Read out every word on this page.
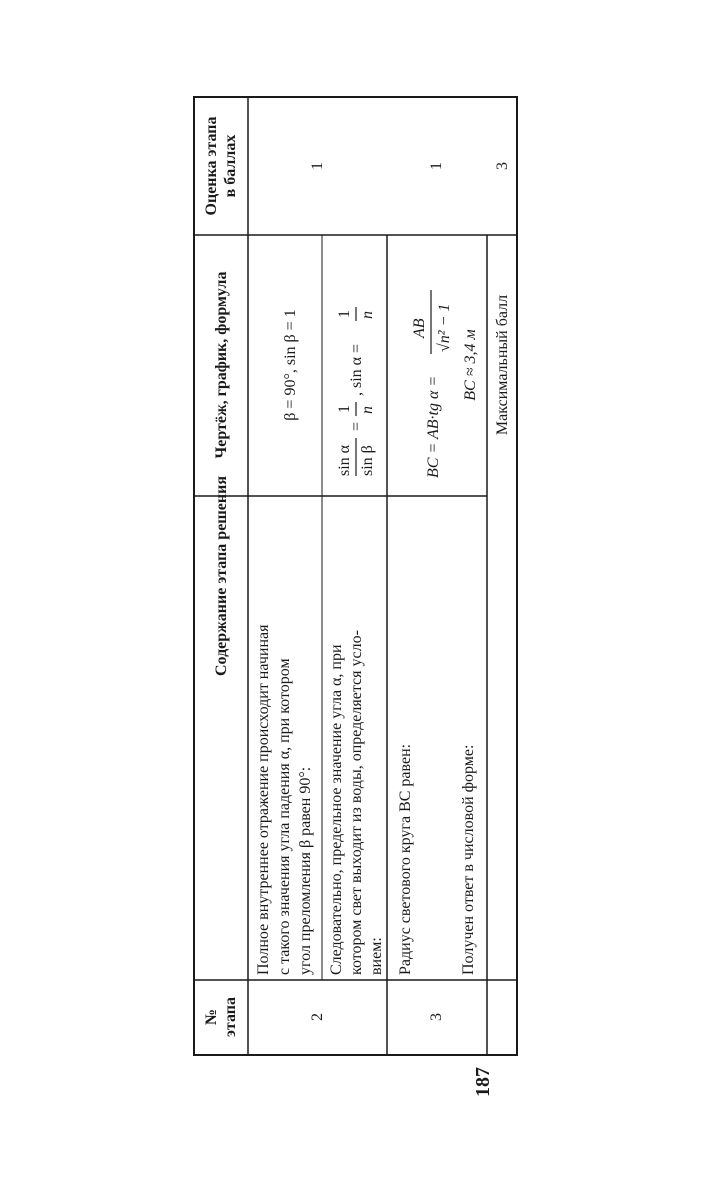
Содержание этапа решения
Чертёж, график, формула
Оценка этапа в баллах
№ этапа	2
Полное внутреннее отражение происходит начиная с такого значения угла падения α, при котором угол преломления β равен 90°:
β = 90°, sin β = 1
Следовательно, предельное значение угла α, при котором свет выходит из воды, определяется усло- вием:
sin α sin β
=
1 n
, sin α =
1 n
1
3
Радиус светового круга BC равен:
BC = AB·tg α =
AB √n² − 1
Получен ответ в числовой форме:
BC ≈ 3,4 м
1
Максимальный балл
3
187
